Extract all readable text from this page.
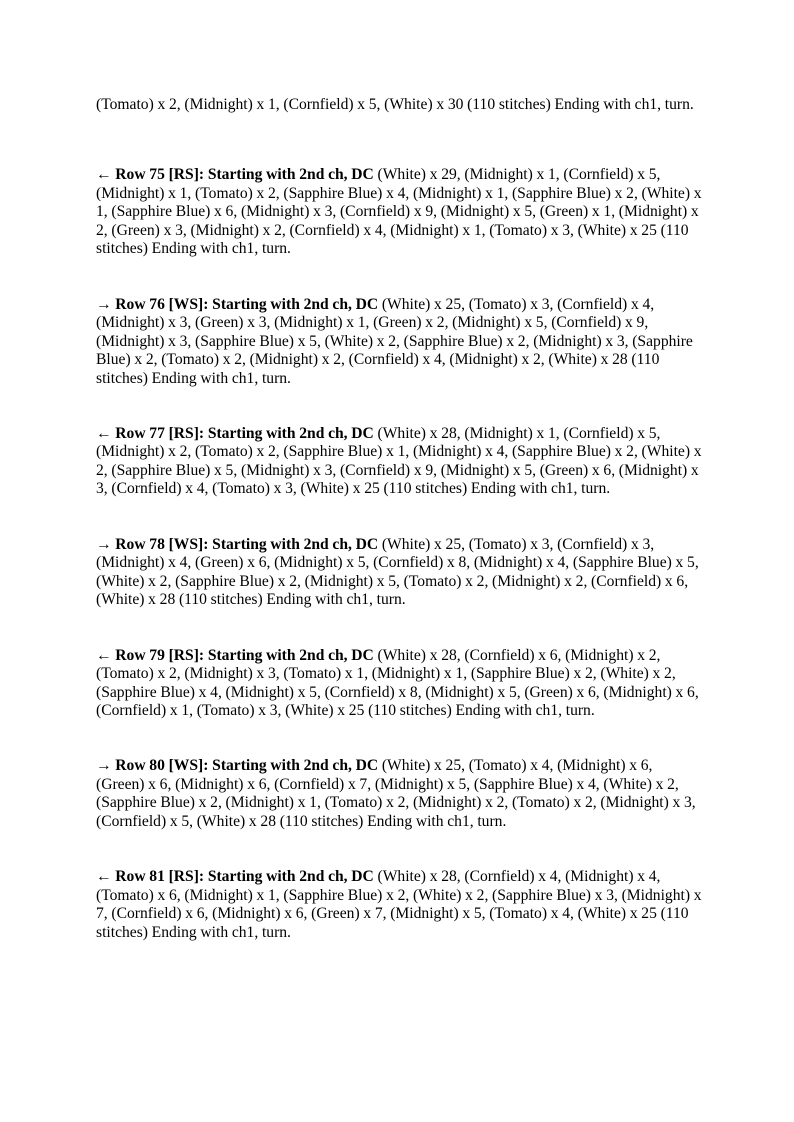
(Tomato) x 2, (Midnight) x 1, (Cornfield) x 5, (White) x 30 (110 stitches) Ending with ch1, turn.

← Row 75 [RS]: Starting with 2nd ch, DC (White) x 29, (Midnight) x 1, (Cornfield) x 5, (Midnight) x 1, (Tomato) x 2, (Sapphire Blue) x 4, (Midnight) x 1, (Sapphire Blue) x 2, (White) x 1, (Sapphire Blue) x 6, (Midnight) x 3, (Cornfield) x 9, (Midnight) x 5, (Green) x 1, (Midnight) x 2, (Green) x 3, (Midnight) x 2, (Cornfield) x 4, (Midnight) x 1, (Tomato) x 3, (White) x 25 (110 stitches) Ending with ch1, turn.

→ Row 76 [WS]: Starting with 2nd ch, DC (White) x 25, (Tomato) x 3, (Cornfield) x 4, (Midnight) x 3, (Green) x 3, (Midnight) x 1, (Green) x 2, (Midnight) x 5, (Cornfield) x 9, (Midnight) x 3, (Sapphire Blue) x 5, (White) x 2, (Sapphire Blue) x 2, (Midnight) x 3, (Sapphire Blue) x 2, (Tomato) x 2, (Midnight) x 2, (Cornfield) x 4, (Midnight) x 2, (White) x 28 (110 stitches) Ending with ch1, turn.

← Row 77 [RS]: Starting with 2nd ch, DC (White) x 28, (Midnight) x 1, (Cornfield) x 5, (Midnight) x 2, (Tomato) x 2, (Sapphire Blue) x 1, (Midnight) x 4, (Sapphire Blue) x 2, (White) x 2, (Sapphire Blue) x 5, (Midnight) x 3, (Cornfield) x 9, (Midnight) x 5, (Green) x 6, (Midnight) x 3, (Cornfield) x 4, (Tomato) x 3, (White) x 25 (110 stitches) Ending with ch1, turn.

→ Row 78 [WS]: Starting with 2nd ch, DC (White) x 25, (Tomato) x 3, (Cornfield) x 3, (Midnight) x 4, (Green) x 6, (Midnight) x 5, (Cornfield) x 8, (Midnight) x 4, (Sapphire Blue) x 5, (White) x 2, (Sapphire Blue) x 2, (Midnight) x 5, (Tomato) x 2, (Midnight) x 2, (Cornfield) x 6, (White) x 28 (110 stitches) Ending with ch1, turn.

← Row 79 [RS]: Starting with 2nd ch, DC (White) x 28, (Cornfield) x 6, (Midnight) x 2, (Tomato) x 2, (Midnight) x 3, (Tomato) x 1, (Midnight) x 1, (Sapphire Blue) x 2, (White) x 2, (Sapphire Blue) x 4, (Midnight) x 5, (Cornfield) x 8, (Midnight) x 5, (Green) x 6, (Midnight) x 6, (Cornfield) x 1, (Tomato) x 3, (White) x 25 (110 stitches) Ending with ch1, turn.

→ Row 80 [WS]: Starting with 2nd ch, DC (White) x 25, (Tomato) x 4, (Midnight) x 6, (Green) x 6, (Midnight) x 6, (Cornfield) x 7, (Midnight) x 5, (Sapphire Blue) x 4, (White) x 2, (Sapphire Blue) x 2, (Midnight) x 1, (Tomato) x 2, (Midnight) x 2, (Tomato) x 2, (Midnight) x 3, (Cornfield) x 5, (White) x 28 (110 stitches) Ending with ch1, turn.

← Row 81 [RS]: Starting with 2nd ch, DC (White) x 28, (Cornfield) x 4, (Midnight) x 4, (Tomato) x 6, (Midnight) x 1, (Sapphire Blue) x 2, (White) x 2, (Sapphire Blue) x 3, (Midnight) x 7, (Cornfield) x 6, (Midnight) x 6, (Green) x 7, (Midnight) x 5, (Tomato) x 4, (White) x 25 (110 stitches) Ending with ch1, turn.
